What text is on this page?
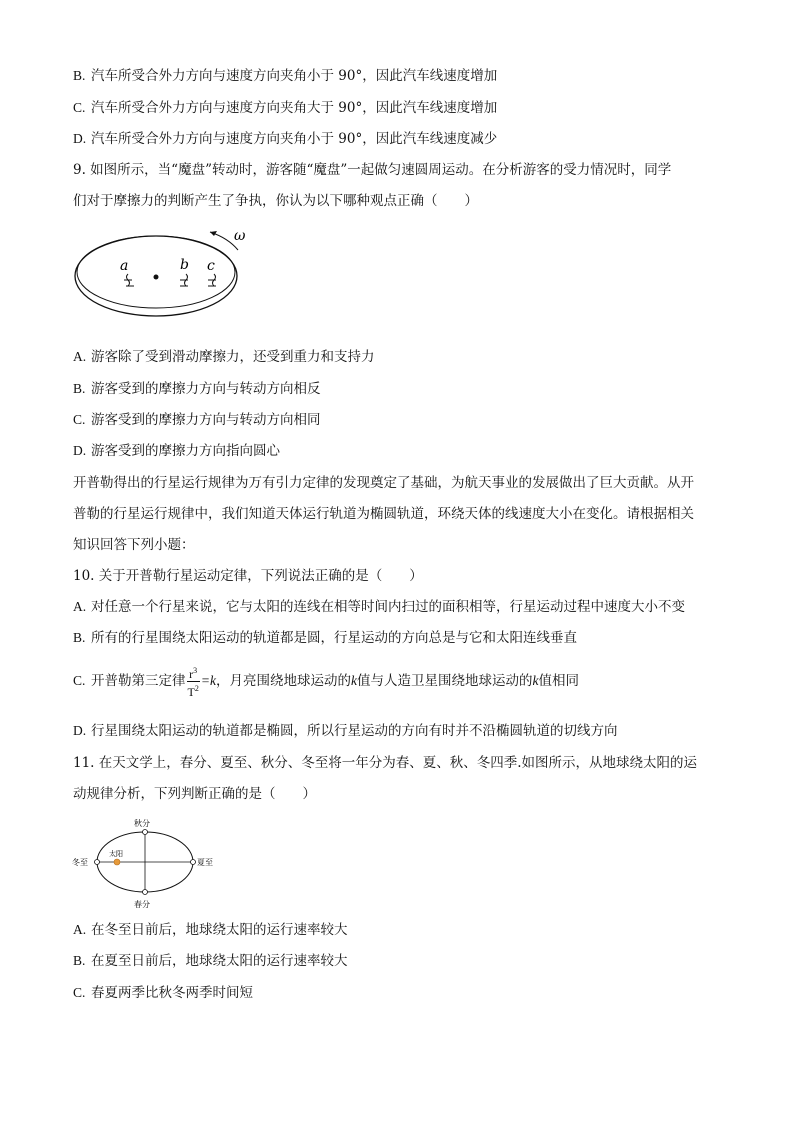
B. 汽车所受合外力方向与速度方向夹角小于 90°，因此汽车线速度增加
C. 汽车所受合外力方向与速度方向夹角大于 90°，因此汽车线速度增加
D. 汽车所受合外力方向与速度方向夹角小于 90°，因此汽车线速度减少
9. 如图所示，当“魔盘”转动时，游客随“魔盘”一起做匀速圆周运动。在分析游客的受力情况时，同学
们对于摩擦力的判断产生了争执，你认为以下哪种观点正确（　　）
ω
a	b c
A. 游客除了受到滑动摩擦力，还受到重力和支持力
B. 游客受到的摩擦力方向与转动方向相反
C. 游客受到的摩擦力方向与转动方向相同
D. 游客受到的摩擦力方向指向圆心
开普勒得出的行星运行规律为万有引力定律的发现奠定了基础，为航天事业的发展做出了巨大贡献。从开
普勒的行星运行规律中，我们知道天体运行轨道为椭圆轨道，环绕天体的线速度大小在变化。请根据相关
知识回答下列小题：
10. 关于开普勒行星运动定律，下列说法正确的是（　　）
A. 对任意一个行星来说，它与太阳的连线在相等时间内扫过的面积相等，行星运动过程中速度大小不变
B. 所有的行星围绕太阳运动的轨道都是圆，行星运动的方向总是与它和太阳连线垂直
C. 开普勒第三定律 $\frac{r^3}{T^2} =k$，月亮围绕地球运动的k值与人造卫星围绕地球运动的k值相同
D. 行星围绕太阳运动的轨道都是椭圆，所以行星运动的方向有时并不沿椭圆轨道的切线方向
11. 在天文学上，春分、夏至、秋分、冬至将一年分为春、夏、秋、冬四季.如图所示，从地球绕太阳的运
动规律分析，下列判断正确的是（　　）
秋分
春分
冬至	夏至
太阳
A. 在冬至日前后，地球绕太阳的运行速率较大
B. 在夏至日前后，地球绕太阳的运行速率较大
C. 春夏两季比秋冬两季时间短
